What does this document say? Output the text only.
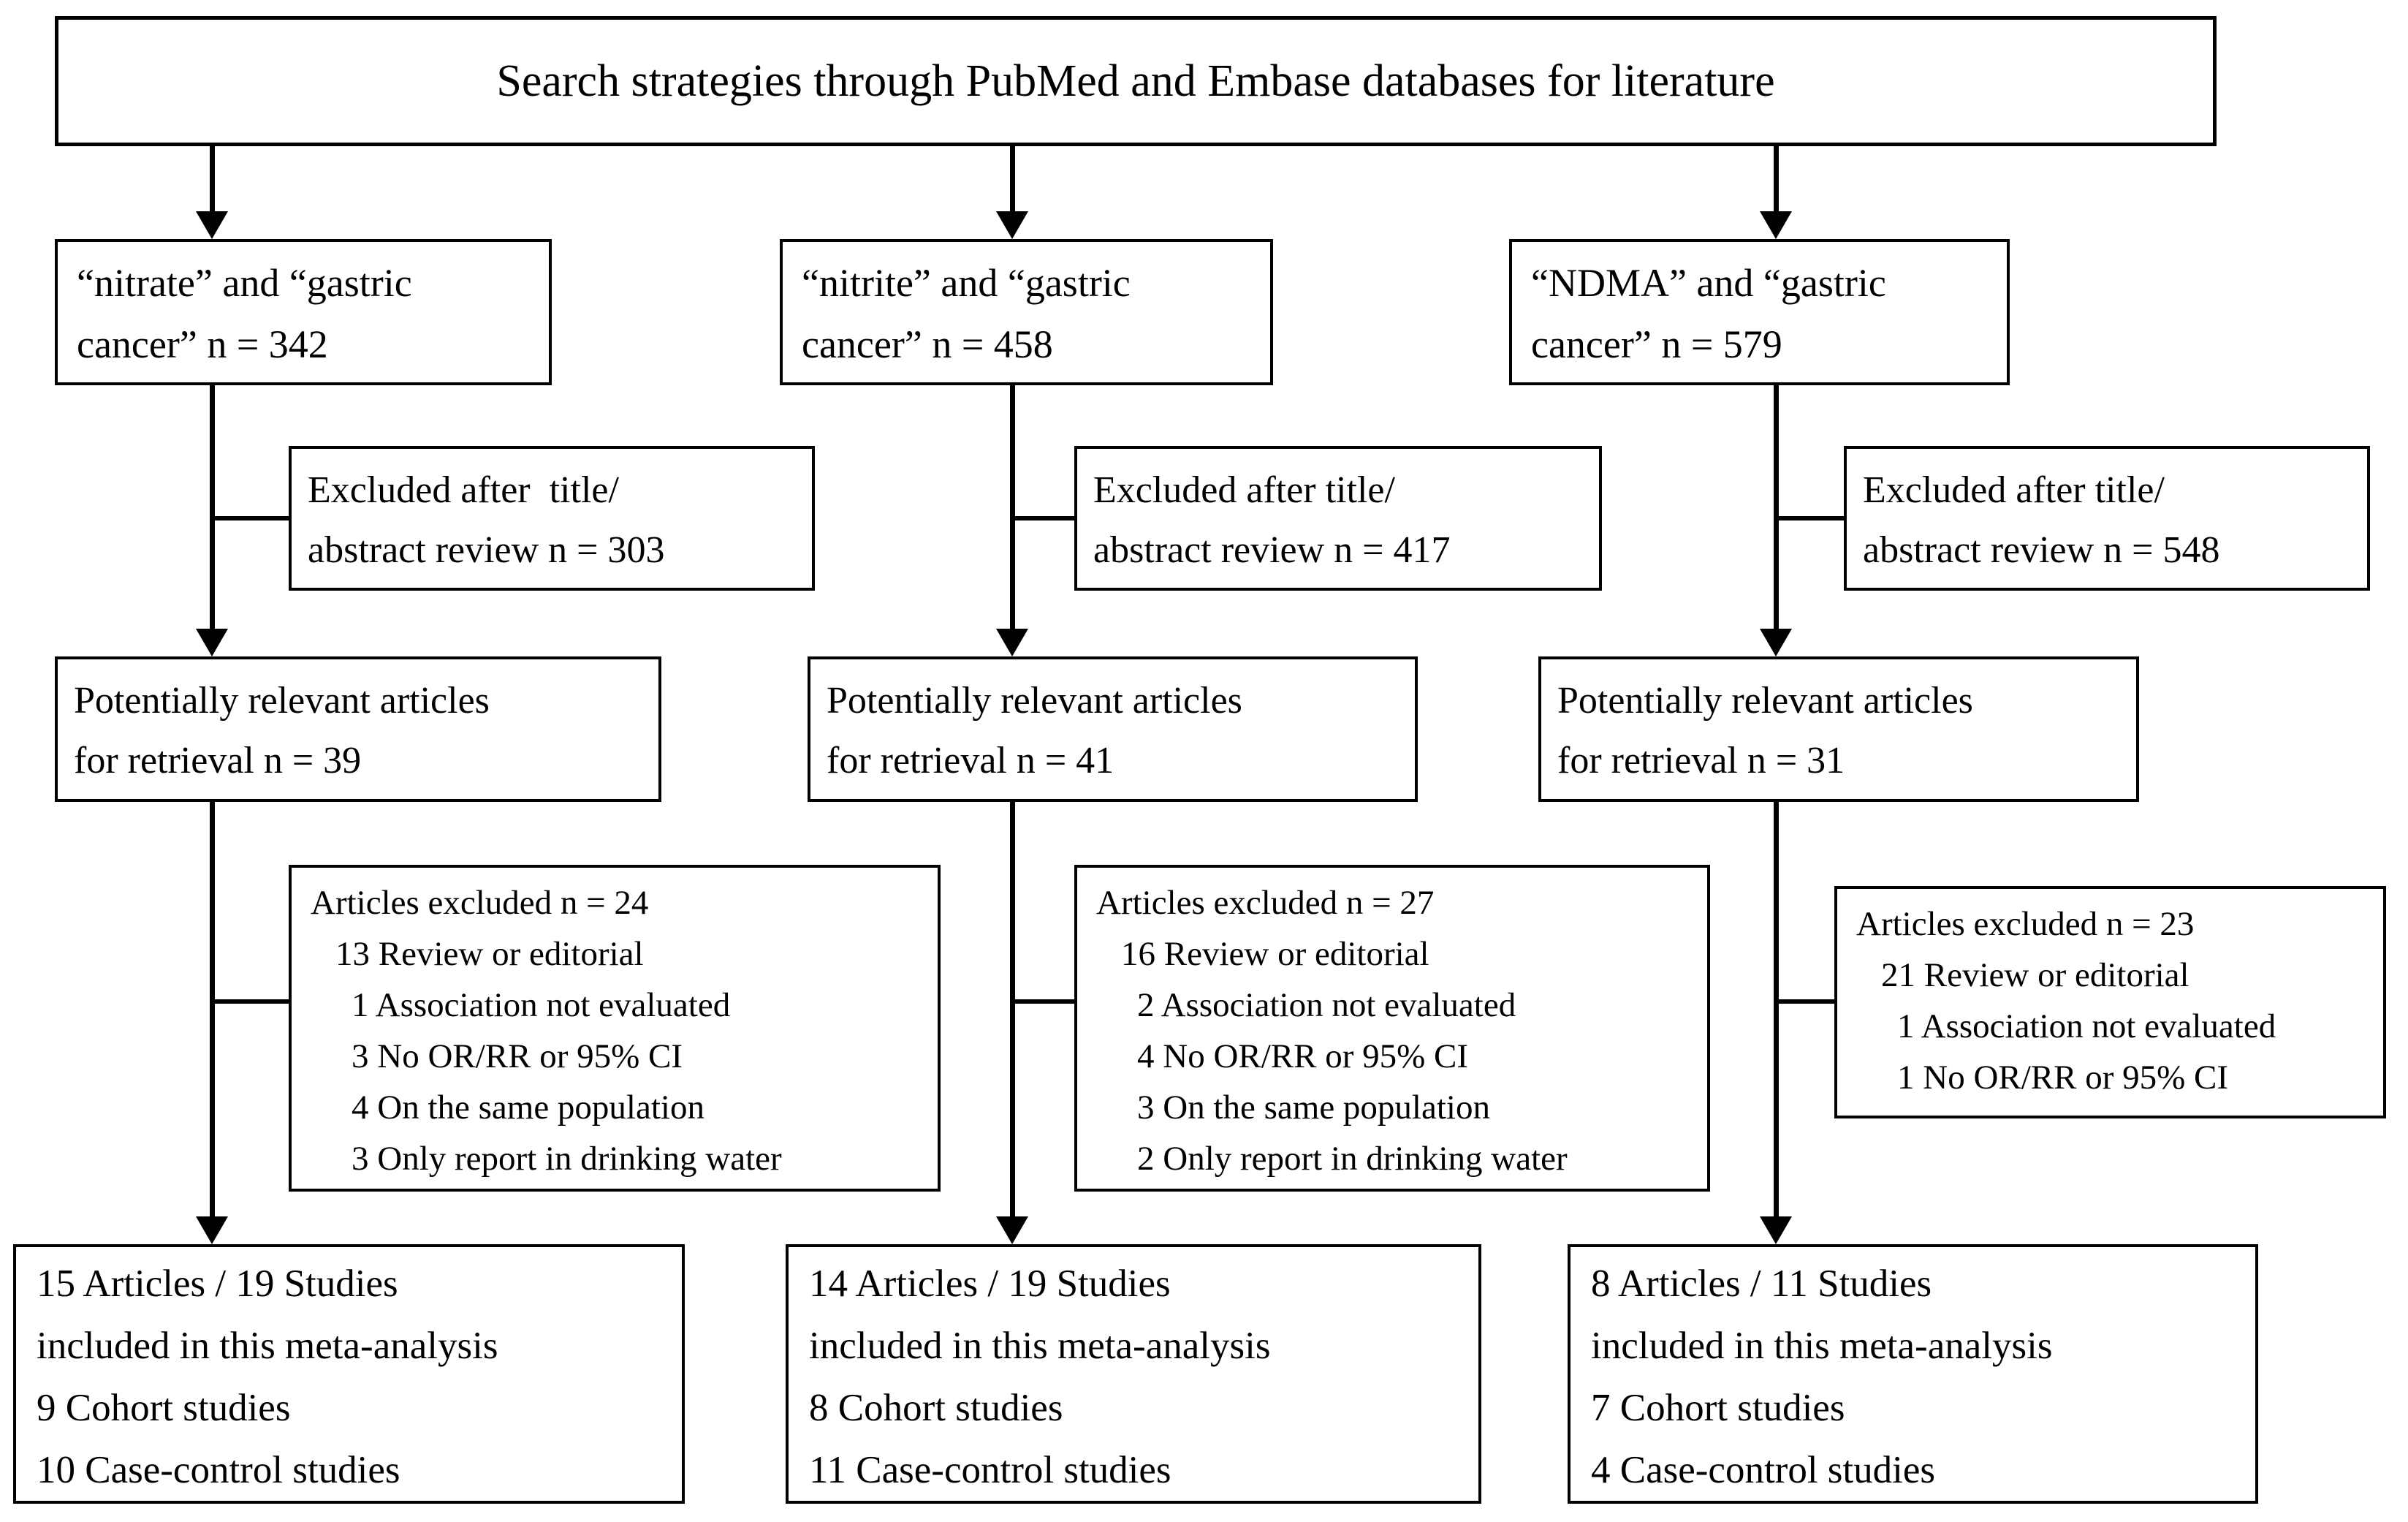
Search strategies through PubMed and Embase databases for literature
“nitrate” and “gastric
cancer” n = 342
“nitrite” and “gastric
cancer” n = 458
“NDMA” and “gastric
cancer” n = 579
Excluded after  title/
abstract review n = 303
Excluded after title/
abstract review n = 417
Excluded after title/
abstract review n = 548
Potentially relevant articles
for retrieval n = 39
Potentially relevant articles
for retrieval n = 41
Potentially relevant articles
for retrieval n = 31
Articles excluded n = 24
13 Review or editorial
1 Association not evaluated
3 No OR/RR or 95% CI
4 On the same population
3 Only report in drinking water
Articles excluded n = 27
16 Review or editorial
2 Association not evaluated
4 No OR/RR or 95% CI
3 On the same population
2 Only report in drinking water
Articles excluded n = 23
21 Review or editorial
1 Association not evaluated
1 No OR/RR or 95% CI
15 Articles / 19 Studies
included in this meta-analysis
9 Cohort studies
10 Case-control studies
14 Articles / 19 Studies
included in this meta-analysis
8 Cohort studies
11 Case-control studies
8 Articles / 11 Studies
included in this meta-analysis
7 Cohort studies
4 Case-control studies
